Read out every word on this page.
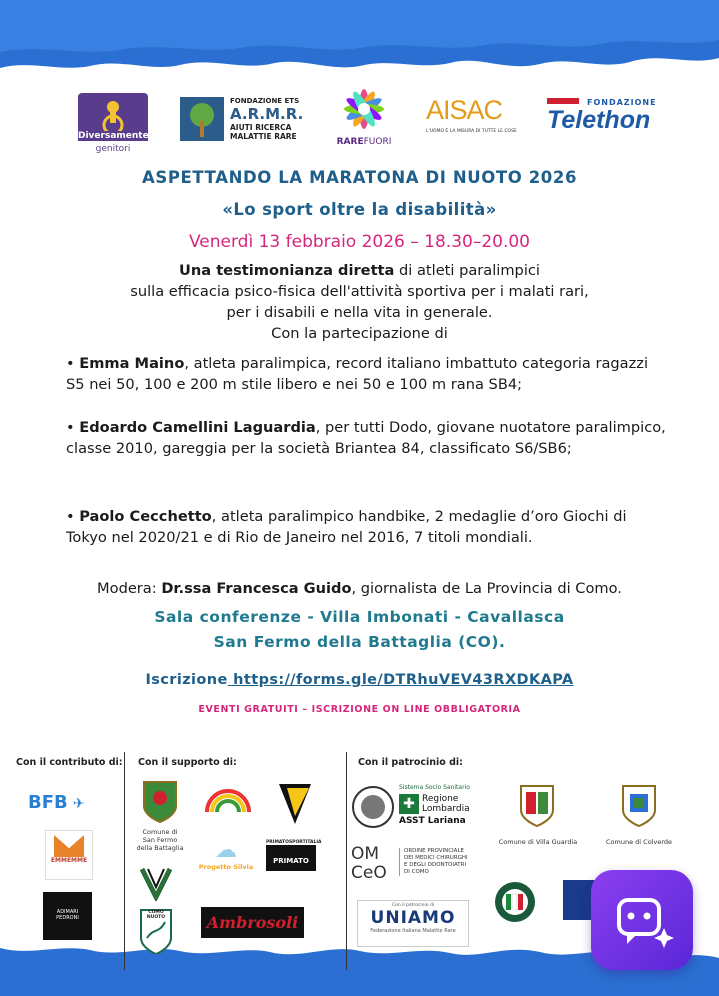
Diversamente
genitori
FONDAZIONE ETS
A.R.M.R.
AIUTI RICERCA
MALATTIE RARE
RAREFUORI
AISAC
L'UOMO È LA MISURA DI TUTTE LE COSE
FONDAZIONE
Telethon
ASPETTANDO LA MARATONA DI NUOTO 2026
«Lo sport oltre la disabilità»
Venerdì 13 febbraio 2026 – 18.30–20.00
Una testimonianza diretta di atleti paralimpici
sulla efficacia psico-fisica dell'attività sportiva per i malati rari,
per i disabili e nella vita in generale.
Con la partecipazione di
• Emma Maino, atleta paralimpica, record italiano imbattuto categoria ragazzi S5 nei 50, 100 e 200 m stile libero e nei 50 e 100 m rana SB4;
• Edoardo Camellini Laguardia, per tutti Dodo, giovane nuotatore paralimpico,
classe 2010, gareggia per la società Briantea 84, classificato S6/SB6;
• Paolo Cecchetto, atleta paralimpico handbike, 2 medaglie d’oro Giochi di Tokyo nel 2020/21 e di Rio de Janeiro nel 2016, 7 titoli mondiali.
Modera: Dr.ssa Francesca Guido, giornalista de La Provincia di Como.
Sala conferenze - Villa Imbonati - Cavallasca
San Fermo della Battaglia (CO).
Iscrizione https://forms.gle/DTRhuVEV43RXDKAPA
EVENTI GRATUITI – ISCRIZIONE ON LINE OBBLIGATORIA
Con il contributo di: Con il supporto di:	Con il patrocinio di:
BFB ✈
EMMEMME
ADIMARI
PEDRONI
Comune di
San Fermo
della Battaglia	☁
Progetto Silvia
PRIMATOSPORTITALIA
PRIMATO
COMO NUOTO	Ambrosoli
Sistema Socio Sanitario
✚ Regione
Lombardia
ASST Lariana
OM
CeO
ORDINE PROVINCIALE
DEI MEDICI CHIRURGHI
E DEGLI ODONTOIATRI
DI COMO
Con il patrocinio di
UNIAMO
Federazione Italiana Malattie Rare
Comune di Villa Guardia	Comune di Colverde
